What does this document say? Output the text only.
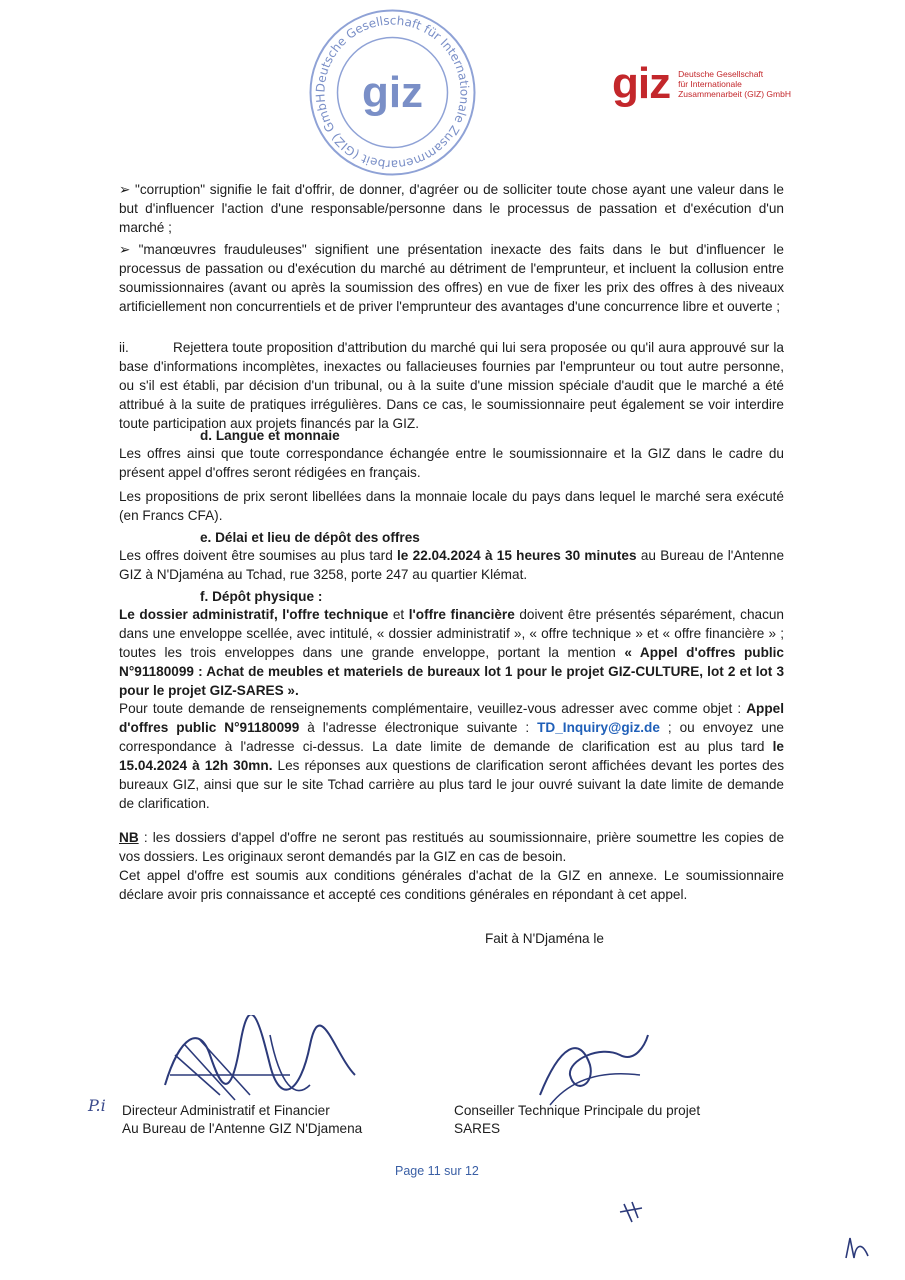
giz Deutsche Gesellschaft
für Internationale
Zusammenarbeit (GIZ) GmbH

➢ "corruption" signifie le fait d'offrir, de donner, d'agréer ou de solliciter toute chose ayant une valeur dans le but d'influencer l'action d'une responsable/personne dans le processus de passation et d'exécution d'un marché ;

➢ "manœuvres frauduleuses" signifient une présentation inexacte des faits dans le but d'influencer le processus de passation ou d'exécution du marché au détriment de l'emprunteur, et incluent la collusion entre soumissionnaires (avant ou après la soumission des offres) en vue de fixer les prix des offres à des niveaux artificiellement non concurrentiels et de priver l'emprunteur des avantages d'une concurrence libre et ouverte ;

ii.	Rejettera toute proposition d'attribution du marché qui lui sera proposée ou qu'il aura approuvé sur la base d'informations incomplètes, inexactes ou fallacieuses fournies par l'emprunteur ou tout autre personne, ou s'il est établi, par décision d'un tribunal, ou à la suite d'une mission spéciale d'audit que le marché a été attribué à la suite de pratiques irrégulières. Dans ce cas, le soumissionnaire peut également se voir interdire toute participation aux projets financés par la GIZ.

d. Langue et monnaie

Les offres ainsi que toute correspondance échangée entre le soumissionnaire et la GIZ dans le cadre du présent appel d'offres seront rédigées en français.

Les propositions de prix seront libellées dans la monnaie locale du pays dans lequel le marché sera exécuté (en Francs CFA).

e. Délai et lieu de dépôt des offres

Les offres doivent être soumises au plus tard le 22.04.2024 à 15 heures 30 minutes au Bureau de l'Antenne GIZ à N'Djaména au Tchad, rue 3258, porte 247 au quartier Klémat.

f. Dépôt physique :

Le dossier administratif, l'offre technique et l'offre financière doivent être présentés séparément, chacun dans une enveloppe scellée, avec intitulé, « dossier administratif », « offre technique » et « offre financière » ; toutes les trois enveloppes dans une grande enveloppe, portant la mention « Appel d'offres public N°91180099 : Achat de meubles et materiels de bureaux lot 1 pour le projet GIZ-CULTURE, lot 2 et lot 3 pour le projet GIZ-SARES ».

Pour toute demande de renseignements complémentaire, veuillez-vous adresser avec comme objet : Appel d'offres public N°91180099 à l'adresse électronique suivante : TD_Inquiry@giz.de ; ou envoyez une correspondance à l'adresse ci-dessus. La date limite de demande de clarification est au plus tard le 15.04.2024 à 12h 30mn. Les réponses aux questions de clarification seront affichées devant les portes des bureaux GIZ, ainsi que sur le site Tchad carrière au plus tard le jour ouvré suivant la date limite de demande de clarification.

NB : les dossiers d'appel d'offre ne seront pas restitués au soumissionnaire, prière soumettre les copies de vos dossiers. Les originaux seront demandés par la GIZ en cas de besoin.

Cet appel d'offre est soumis aux conditions générales d'achat de la GIZ en annexe. Le soumissionnaire déclare avoir pris connaissance et accepté ces conditions générales en répondant à cet appel.

Fait à N'Djaména le
Deutsche Gesellschaft für Internationale Zusammenarbeit (GIZ) GmbH giz
P.i Directeur Administratif et Financier
Au Bureau de l'Antenne GIZ N'Djamena
Conseiller Technique Principale du projet
SARES
Page 11 sur 12
